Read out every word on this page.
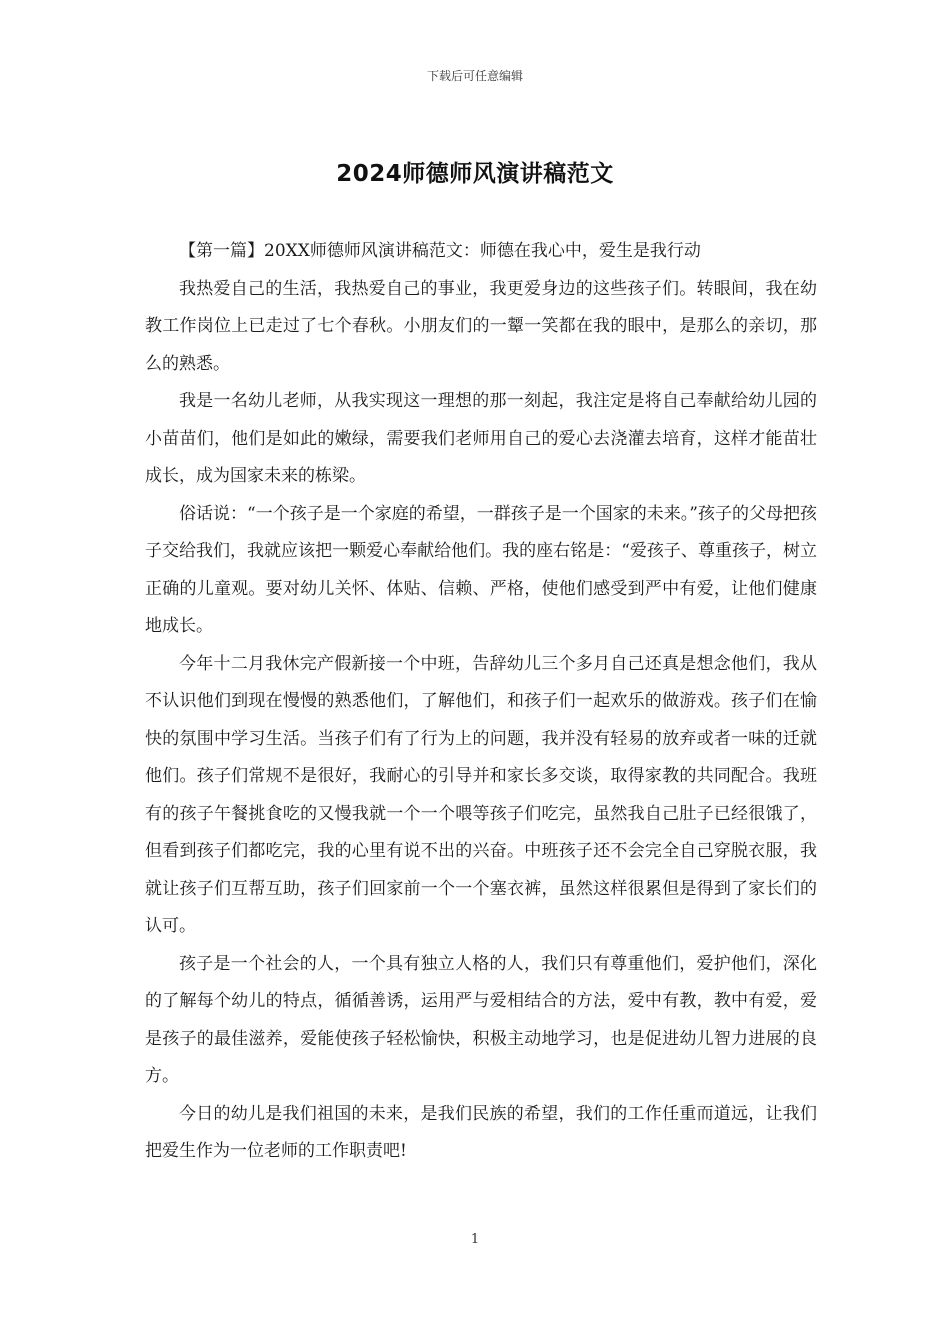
下载后可任意编辑
2024师德师风演讲稿范文

【第一篇】20XX师德师风演讲稿范文：师德在我心中，爱生是我行动

我热爱自己的生活，我热爱自己的事业，我更爱身边的这些孩子们。转眼间，我在幼教工作岗位上已走过了七个春秋。小朋友们的一颦一笑都在我的眼中，是那么的亲切，那么的熟悉。

我是一名幼儿老师，从我实现这一理想的那一刻起，我注定是将自己奉献给幼儿园的小苗苗们，他们是如此的嫩绿，需要我们老师用自己的爱心去浇灌去培育，这样才能苗壮成长，成为国家未来的栋梁。

俗话说：“一个孩子是一个家庭的希望，一群孩子是一个国家的未来。”孩子的父母把孩子交给我们，我就应该把一颗爱心奉献给他们。我的座右铭是：“爱孩子、尊重孩子，树立正确的儿童观。要对幼儿关怀、体贴、信赖、严格，使他们感受到严中有爱，让他们健康地成长。

今年十二月我休完产假新接一个中班，告辞幼儿三个多月自己还真是想念他们，我从不认识他们到现在慢慢的熟悉他们，了解他们，和孩子们一起欢乐的做游戏。孩子们在愉快的氛围中学习生活。当孩子们有了行为上的问题，我并没有轻易的放弃或者一味的迁就他们。孩子们常规不是很好，我耐心的引导并和家长多交谈，取得家教的共同配合。我班有的孩子午餐挑食吃的又慢我就一个一个喂等孩子们吃完，虽然我自己肚子已经很饿了，但看到孩子们都吃完，我的心里有说不出的兴奋。中班孩子还不会完全自己穿脱衣服，我就让孩子们互帮互助，孩子们回家前一个一个塞衣裤，虽然这样很累但是得到了家长们的认可。

孩子是一个社会的人，一个具有独立人格的人，我们只有尊重他们，爱护他们，深化的了解每个幼儿的特点，循循善诱，运用严与爱相结合的方法，爱中有教，教中有爱，爱是孩子的最佳滋养，爱能使孩子轻松愉快，积极主动地学习，也是促进幼儿智力进展的良方。

今日的幼儿是我们祖国的未来，是我们民族的希望，我们的工作任重而道远，让我们把爱生作为一位老师的工作职责吧!

1
